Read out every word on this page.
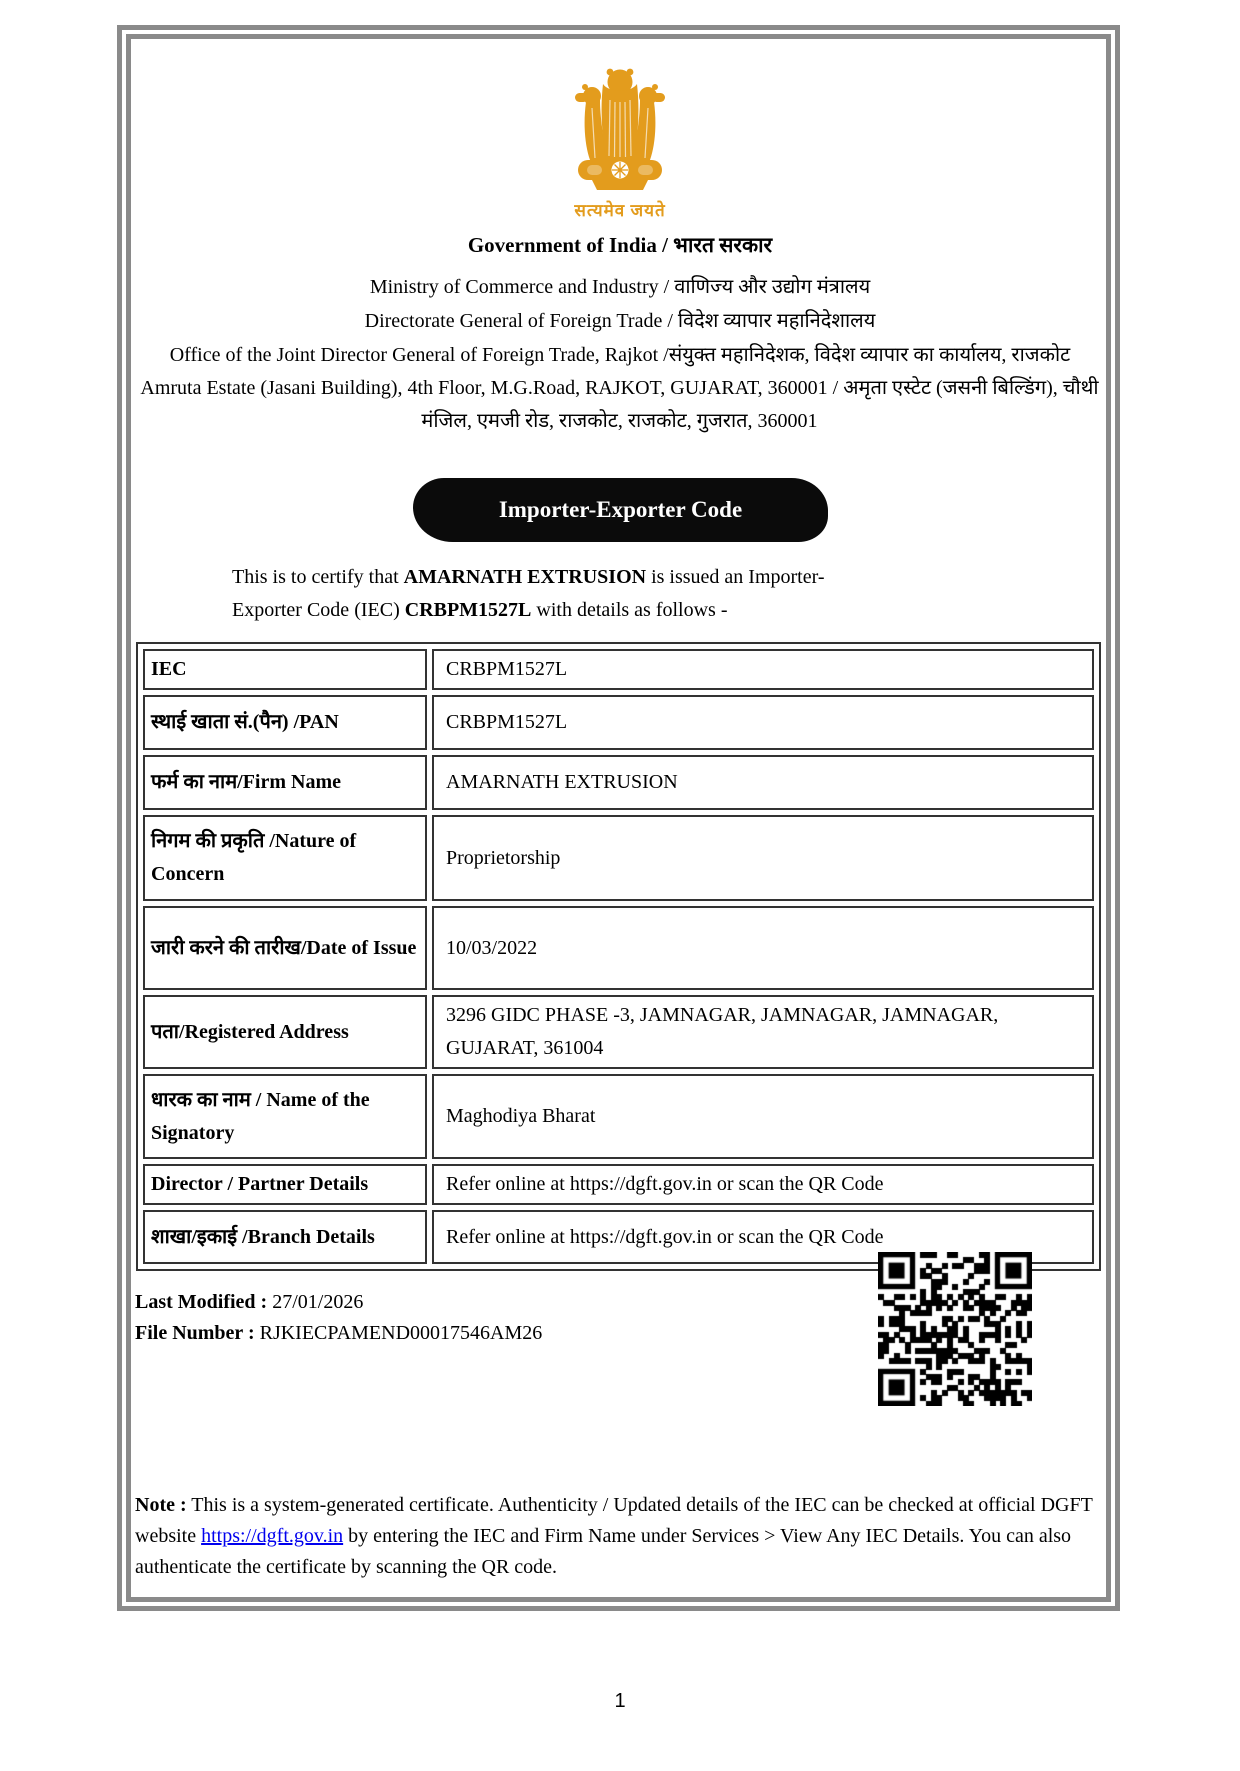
सत्यमेव जयते
Government of India / भारत सरकार
Ministry of Commerce and Industry / वाणिज्य और उद्योग मंत्रालय
Directorate General of Foreign Trade / विदेश व्यापार महानिदेशालय
Office of the Joint Director General of Foreign Trade, Rajkot /संयुक्त महानिदेशक, विदेश व्यापार का कार्यालय, राजकोट
Amruta Estate (Jasani Building), 4th Floor, M.G.Road, RAJKOT, GUJARAT, 360001 / अमृता एस्टेट (जसनी बिल्डिंग), चौथी मंजिल, एमजी रोड, राजकोट, राजकोट, गुजरात, 360001
Importer-Exporter Code
This is to certify that AMARNATH EXTRUSION is issued an Importer-Exporter Code (IEC) CRBPM1527L with details as follows -
IEC	CRBPM1527L
स्थाई खाता सं.(पैन) /PAN	CRBPM1527L
फर्म का नाम/Firm Name	AMARNATH EXTRUSION
निगम की प्रकृति /Nature of Concern	Proprietorship
जारी करने की तारीख/Date of Issue	10/03/2022
पता/Registered Address	3296 GIDC PHASE -3, JAMNAGAR, JAMNAGAR, JAMNAGAR, GUJARAT, 361004
धारक का नाम / Name of the Signatory	Maghodiya Bharat
Director / Partner Details	Refer online at https://dgft.gov.in or scan the QR Code
शाखा/इकाई /Branch Details	Refer online at https://dgft.gov.in or scan the QR Code
Last Modified : 27/01/2026
File Number : RJKIECPAMEND00017546AM26
Note : This is a system-generated certificate. Authenticity / Updated details of the IEC can be checked at official DGFT website https://dgft.gov.in by entering the IEC and Firm Name under Services > View Any IEC Details. You can also authenticate the certificate by scanning the QR code.
1
